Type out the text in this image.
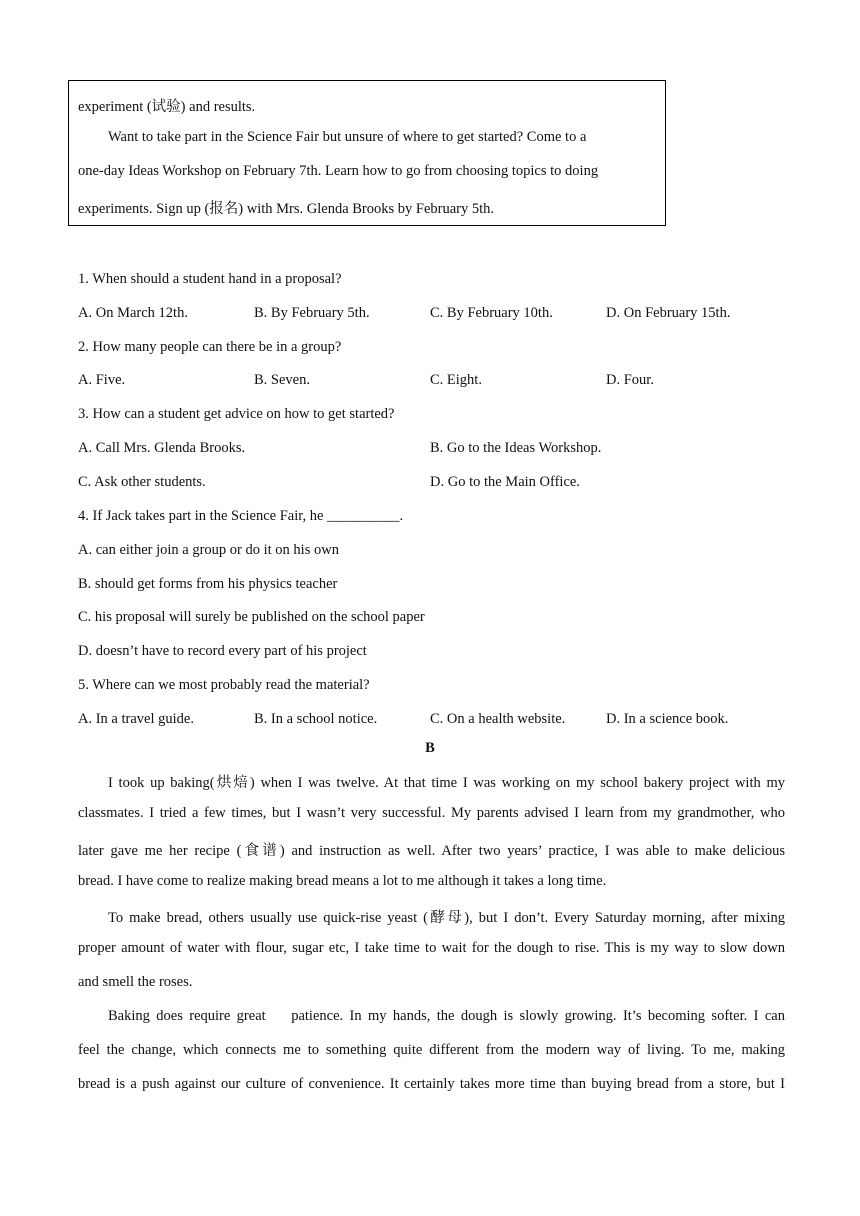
experiment (试验) and results.
Want to take part in the Science Fair but unsure of where to get started? Come to a
one-day Ideas Workshop on February 7th. Learn how to go from choosing topics to doing
experiments. Sign up (报名) with Mrs. Glenda Brooks by February 5th.
1. When should a student hand in a proposal?
A. On March 12th.	B. By February 5th.	C. By February 10th.	D. On February 15th.
2. How many people can there be in a group?
A. Five.	B. Seven.	C. Eight.	D. Four.
3. How can a student get advice on how to get started?
A. Call Mrs. Glenda Brooks.	B. Go to the Ideas Workshop.
C. Ask other students.	D. Go to the Main Office.
4. If Jack takes part in the Science Fair, he __________.
A. can either join a group or do it on his own
B. should get forms from his physics teacher
C. his proposal will surely be published on the school paper
D. doesn’t have to record every part of his project
5. Where can we most probably read the material?
A. In a travel guide.	B. In a school notice.	C. On a health website.	D. In a science book.
B
I took up baking(烘焙) when I was twelve. At that time I was working on my school bakery project with my
classmates. I tried a few times, but I wasn’t very successful. My parents advised I learn from my grandmother, who
later gave me her recipe (食谱) and instruction as well. After two years’ practice, I was able to make delicious
bread. I have come to realize making bread means a lot to me although it takes a long time.
To make bread, others usually use quick-rise yeast (酵母), but I don’t. Every Saturday morning, after mixing
proper amount of water with flour, sugar etc, I take time to wait for the dough to rise. This is my way to slow down
and smell the roses.
Baking does require great    patience. In my hands, the dough is slowly growing. It’s becoming softer. I can
feel the change, which connects me to something quite different from the modern way of living. To me, making
bread is a push against our culture of convenience. It certainly takes more time than buying bread from a store, but I
